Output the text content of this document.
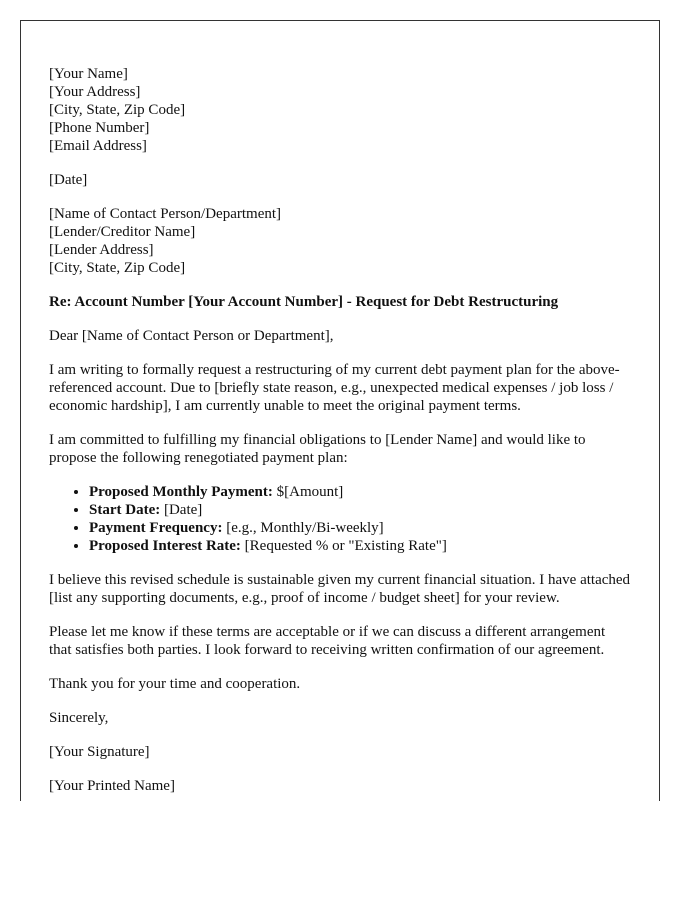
[Your Name]
[Your Address]
[City, State, Zip Code]
[Phone Number]
[Email Address]

[Date]

[Name of Contact Person/Department]
[Lender/Creditor Name]
[Lender Address]
[City, State, Zip Code]

Re: Account Number [Your Account Number] - Request for Debt Restructuring

Dear [Name of Contact Person or Department],

I am writing to formally request a restructuring of my current debt payment plan for the above-referenced account. Due to [briefly state reason, e.g., unexpected medical expenses / job loss / economic hardship], I am currently unable to meet the original payment terms.

I am committed to fulfilling my financial obligations to [Lender Name] and would like to propose the following renegotiated payment plan:

• Proposed Monthly Payment: $[Amount]
• Start Date: [Date]
• Payment Frequency: [e.g., Monthly/Bi-weekly]
• Proposed Interest Rate: [Requested % or "Existing Rate"]

I believe this revised schedule is sustainable given my current financial situation. I have attached [list any supporting documents, e.g., proof of income / budget sheet] for your review.

Please let me know if these terms are acceptable or if we can discuss a different arrangement that satisfies both parties. I look forward to receiving written confirmation of our agreement.

Thank you for your time and cooperation.

Sincerely,

[Your Signature]

[Your Printed Name]
